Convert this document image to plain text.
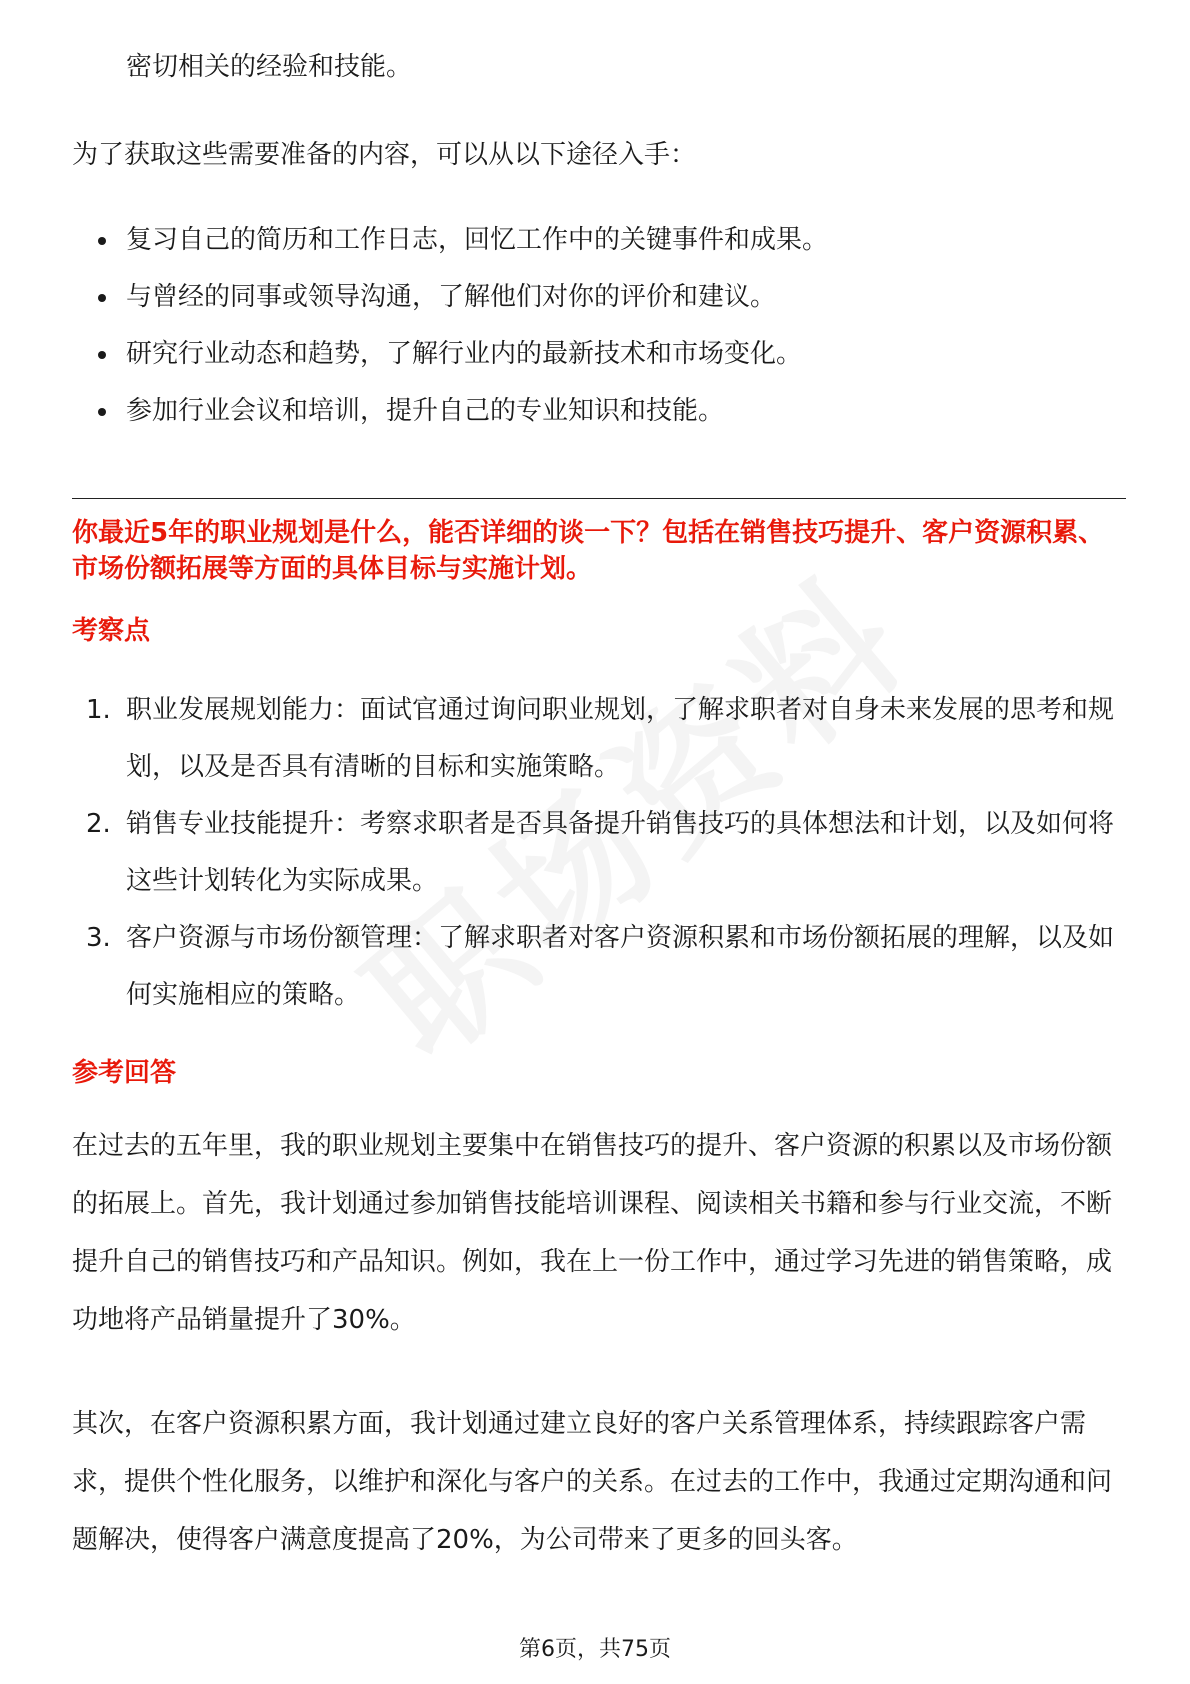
密切相关的经验和技能。
为了获取这些需要准备的内容，可以从以下途径入手：
复习自己的简历和工作日志，回忆工作中的关键事件和成果。
与曾经的同事或领导沟通，了解他们对你的评价和建议。
研究行业动态和趋势，了解行业内的最新技术和市场变化。
参加行业会议和培训，提升自己的专业知识和技能。
你最近5年的职业规划是什么，能否详细的谈一下？包括在销售技巧提升、客户资源积累、市场份额拓展等方面的具体目标与实施计划。
考察点
1. 职业发展规划能力：面试官通过询问职业规划，了解求职者对自身未来发展的思考和规划，以及是否具有清晰的目标和实施策略。
2. 销售专业技能提升：考察求职者是否具备提升销售技巧的具体想法和计划，以及如何将这些计划转化为实际成果。
3. 客户资源与市场份额管理：了解求职者对客户资源积累和市场份额拓展的理解，以及如何实施相应的策略。
参考回答
在过去的五年里，我的职业规划主要集中在销售技巧的提升、客户资源的积累以及市场份额的拓展上。首先，我计划通过参加销售技能培训课程、阅读相关书籍和参与行业交流，不断提升自己的销售技巧和产品知识。例如，我在上一份工作中，通过学习先进的销售策略，成功地将产品销量提升了30%。
其次，在客户资源积累方面，我计划通过建立良好的客户关系管理体系，持续跟踪客户需求，提供个性化服务，以维护和深化与客户的关系。在过去的工作中，我通过定期沟通和问题解决，使得客户满意度提高了20%，为公司带来了更多的回头客。
第6页，共75页
